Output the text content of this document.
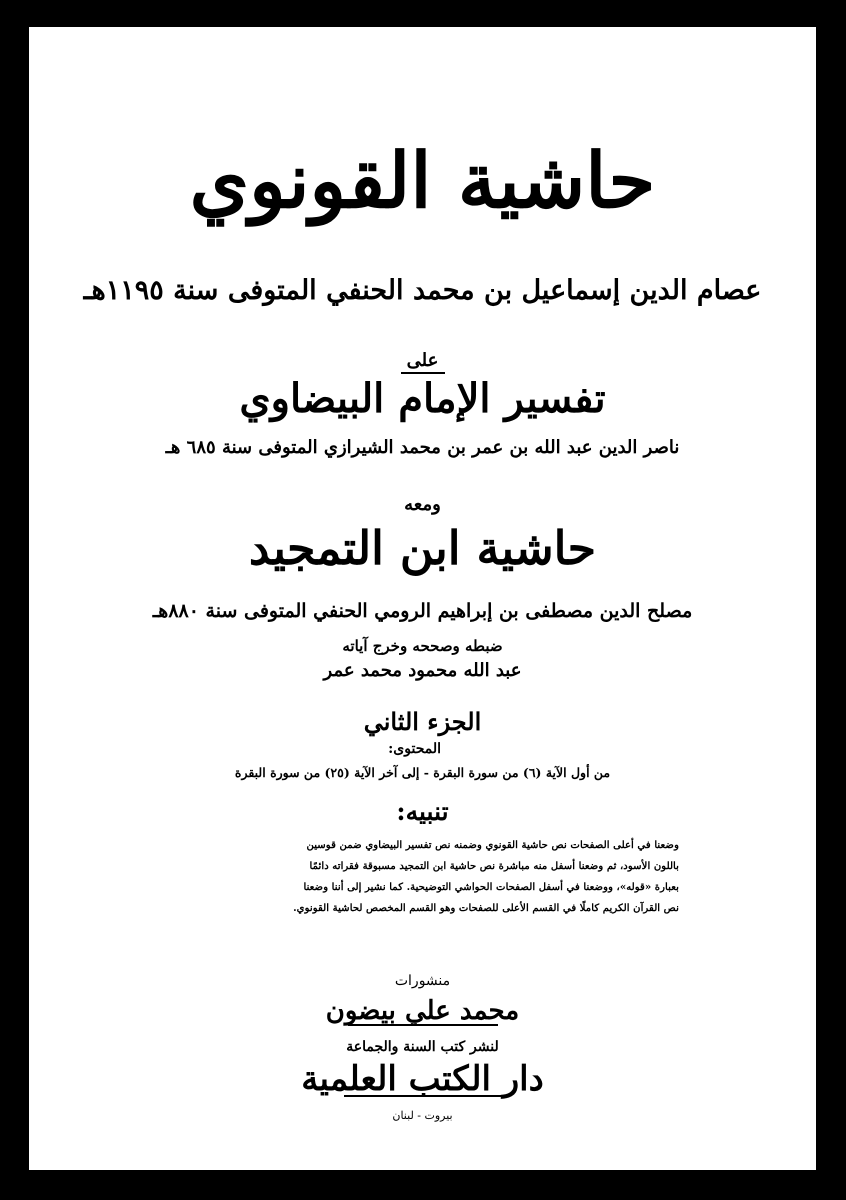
حاشية القونوي
عصام الدين إسماعيل بن محمد الحنفي المتوفى سنة ١١٩٥هـ
على
تفسير الإمام البيضاوي
ناصر الدين عبد الله بن عمر بن محمد الشيرازي المتوفى سنة ٦٨٥ هـ
ومعه
حاشية ابن التمجيد
مصلح الدين مصطفى بن إبراهيم الرومي الحنفي المتوفى سنة ٨٨٠هـ
ضبطه وصححه وخرج آياته
عبد الله محمود محمد عمر
الجزء الثاني
المحتوى :
من أول الآية (٦) من سورة البقرة - إلى آخر الآية (٢٥) من سورة البقرة
تنبيه:
وضعنا في أعلى الصفحات نص حاشية القونوي وضمنه نص تفسير البيضاوي ضمن قوسين
باللون الأسود، ثم وضعنا أسفل منه مباشرة نص حاشية ابن التمجيد مسبوقة فقراته دائمًا
بعبارة «قوله»، ووضعنا في أسفل الصفحات الحواشي التوضيحية. كما نشير إلى أننا وضعنا
نص القرآن الكريم كاملًا في القسم الأعلى للصفحات وهو القسم المخصص لحاشية القونوي.
منشورات
محمد علي بيضون
لنشر كتب السنة والجماعة
دار الكتب العلمية
بيروت - لبنان
